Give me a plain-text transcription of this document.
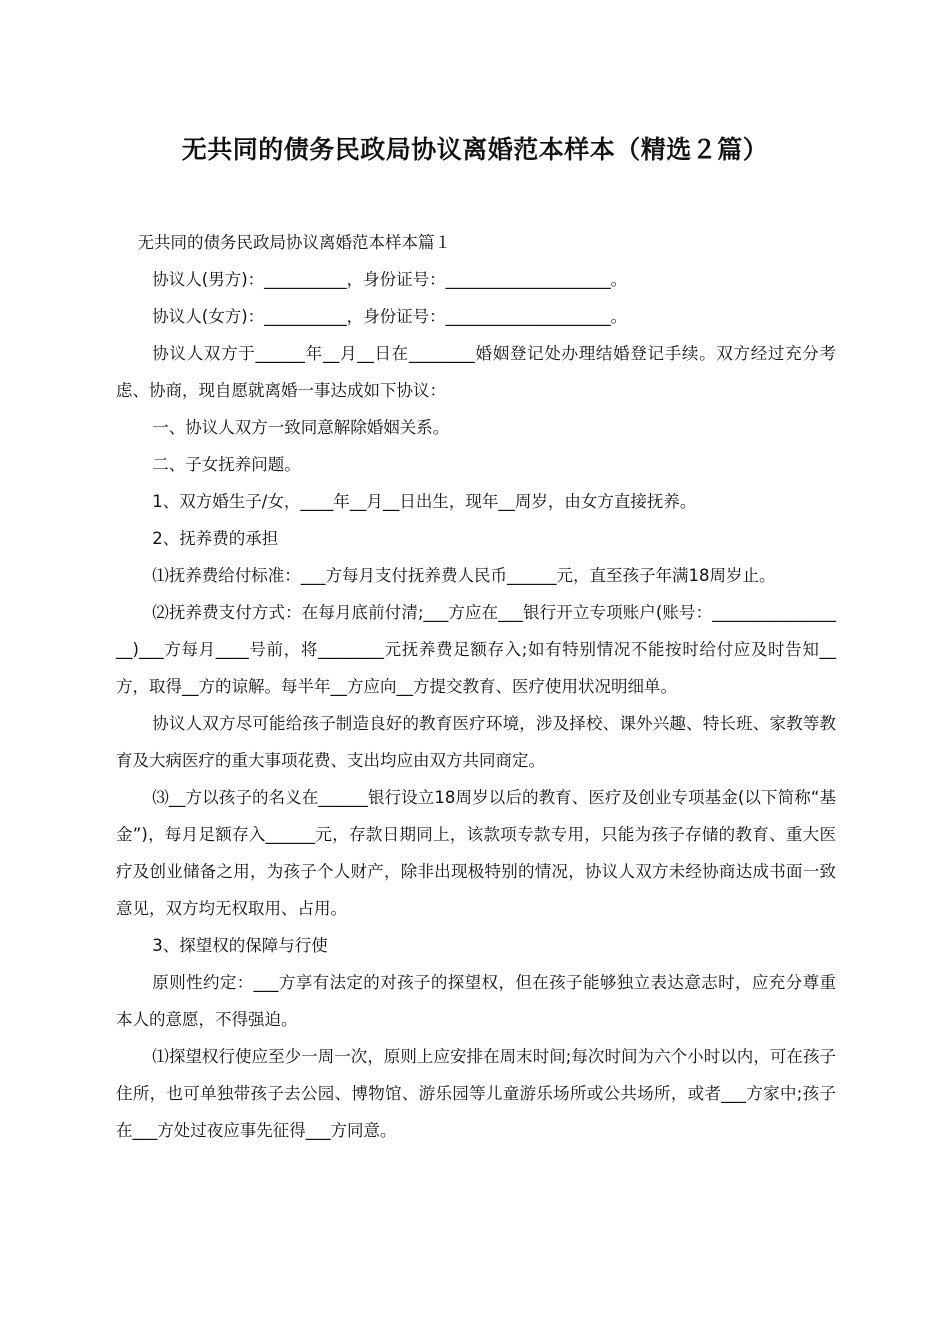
无共同的债务民政局协议离婚范本样本（精选２篇）

无共同的债务民政局协议离婚范本样本篇１

协议人(男方)：__________，身份证号：____________________。

协议人(女方)：__________，身份证号：____________________。

协议人双方于______年__月__日在________婚姻登记处办理结婚登记手续。双方经过充分考虑、协商，现自愿就离婚一事达成如下协议：

一、协议人双方一致同意解除婚姻关系。

二、子女抚养问题。

1、双方婚生子/女，____年__月__日出生，现年__周岁，由女方直接抚养。

2、抚养费的承担

⑴抚养费给付标准：___方每月支付抚养费人民币______元，直至孩子年满18周岁止。

⑵抚养费支付方式：在每月底前付清;___方应在___银行开立专项账户(账号：_________________)___方每月____号前，将________元抚养费足额存入;如有特别情况不能按时给付应及时告知__方，取得__方的谅解。每半年__方应向__方提交教育、医疗使用状况明细单。

协议人双方尽可能给孩子制造良好的教育医疗环境，涉及择校、课外兴趣、特长班、家教等教育及大病医疗的重大事项花费、支出均应由双方共同商定。

⑶__方以孩子的名义在______银行设立18周岁以后的教育、医疗及创业专项基金(以下简称“基金”)，每月足额存入______元，存款日期同上，该款项专款专用，只能为孩子存储的教育、重大医疗及创业储备之用，为孩子个人财产，除非出现极特别的情况，协议人双方未经协商达成书面一致意见，双方均无权取用、占用。

3、探望权的保障与行使

原则性约定：___方享有法定的对孩子的探望权，但在孩子能够独立表达意志时，应充分尊重本人的意愿，不得强迫。

⑴探望权行使应至少一周一次，原则上应安排在周末时间;每次时间为六个小时以内，可在孩子住所，也可单独带孩子去公园、博物馆、游乐园等儿童游乐场所或公共场所，或者___方家中;孩子在___方处过夜应事先征得___方同意。
